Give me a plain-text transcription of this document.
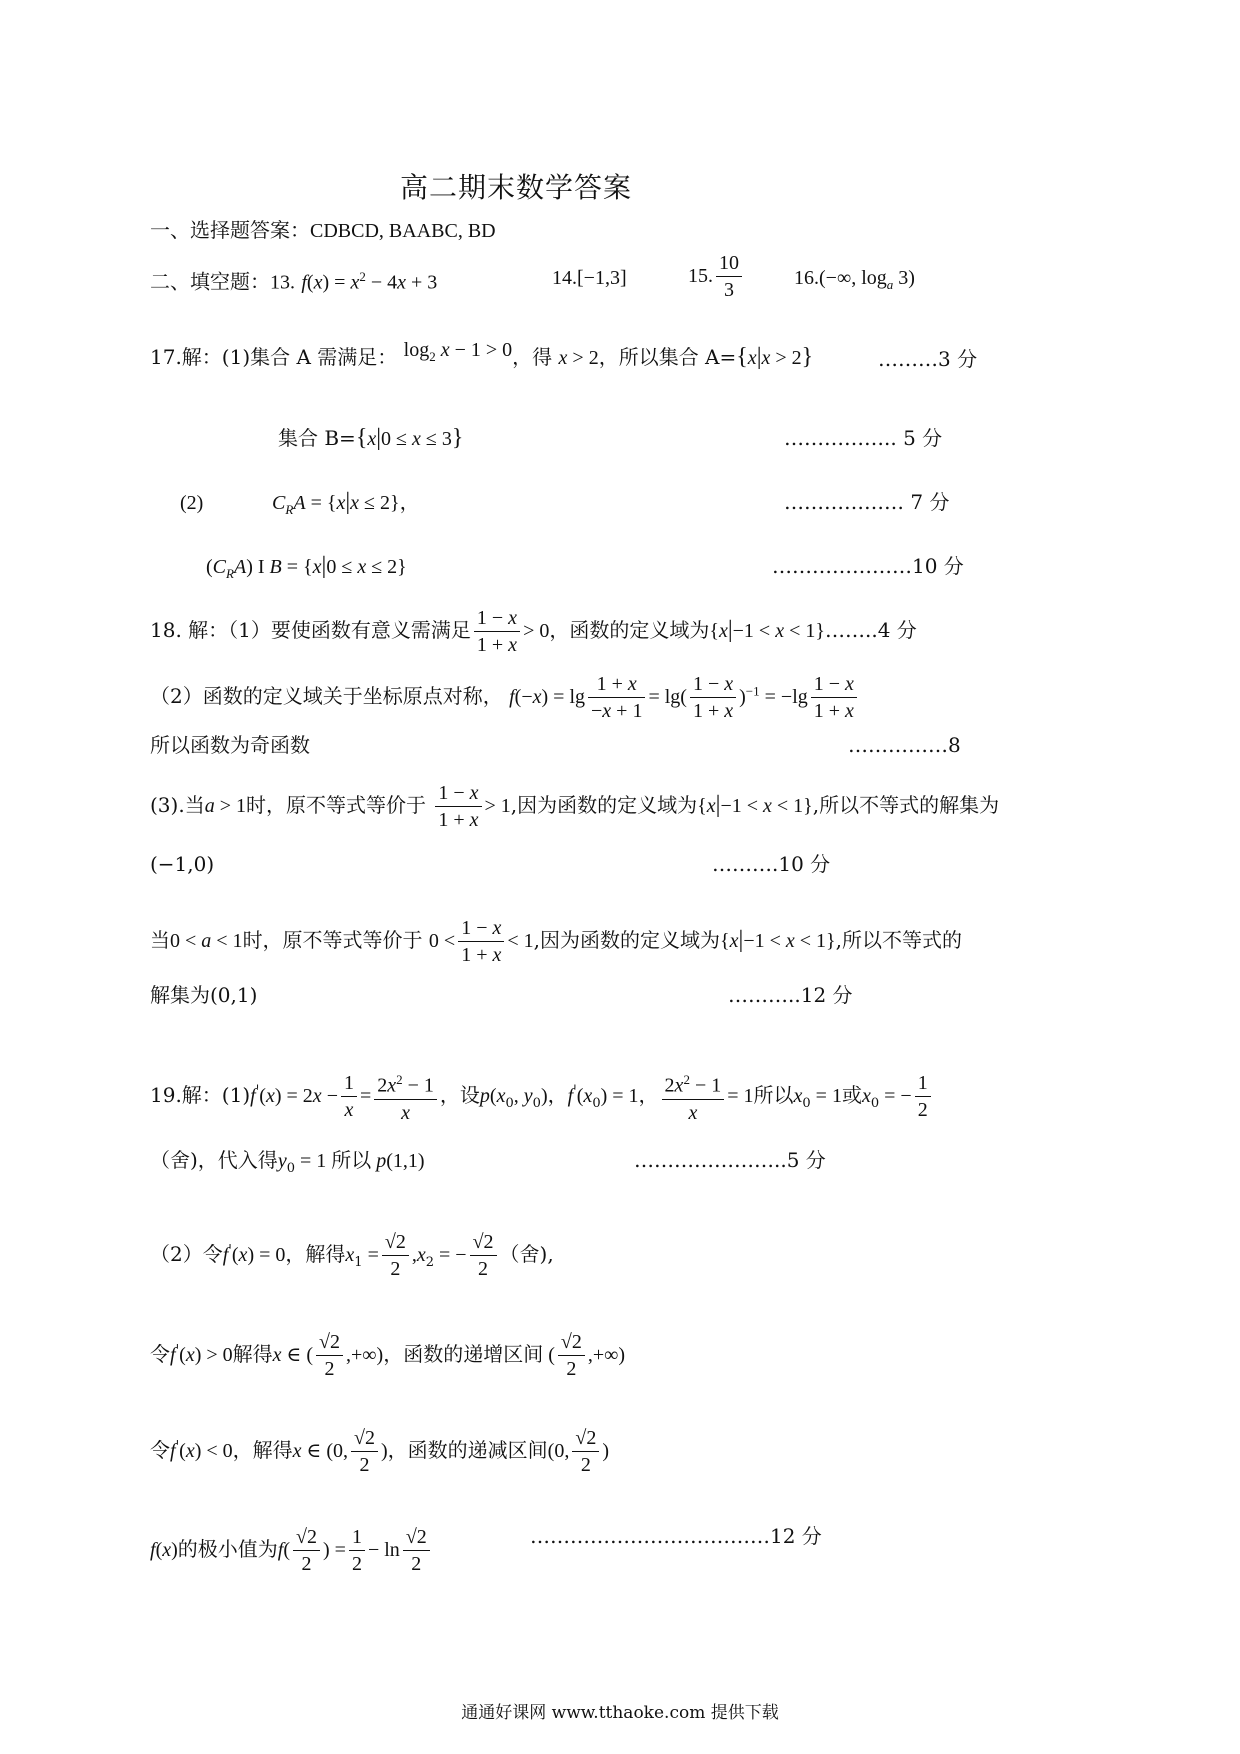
高二期末数学答案
一、选择题答案：CDBCD, BAABC, BD
二、填空题：13. $f(x) = x^2 - 4x + 3$	14.[−1,3]	15. $\frac{10}{3}$	16.(−∞, $\log_a 3$)
17.解：(1)集合 A 需满足： $\log_2 x - 1 > 0$，得 x > 2，所以集合 A={x|x > 2}	………3 分
集合 B={x|0 ≤ x ≤ 3}	…………….. 5 分
(2)	$C_RA = \{x|x \le 2\}$，	……………… 7 分
$(C_RA)$ I B = {x|0 ≤ x ≤ 2}	…………………10 分
18. 解：（1）要使函数有意义需满足 $\frac{1 - x}{1 + x} > 0$，函数的定义域为{x|−1 < x < 1}……..4 分
（2）函数的定义域关于坐标原点对称， $f(-x) = \lg \frac{1 + x}{-x + 1} = \lg( \frac{1 - x}{1 + x} )^{-1} = -\lg \frac{1 - x}{1 + x}$
所以函数为奇函数	……………8
(3).当a > 1时，原不等式等价于 $\frac{1 - x}{1 + x} > 1$,因为函数的定义域为{x|−1 < x < 1},所以不等式的解集为
(−1,0)	……….10 分
当0 < a < 1时，原不等式等价于 $0 < \frac{1 - x}{1 + x} < 1$,因为函数的定义域为{x|−1 < x < 1},所以不等式的
解集为(0,1)	………..12 分
19.解：$(1)f'(x) = 2x - \frac{1}{x} = \frac{2x^2 - 1}{x}$ ，设$p(x_0$, $y_0$)，$f'(x_0) = 1$， $\frac{2x^2 - 1}{x} = 1$所以$x_0 = 1$或$x_0$ = − $\frac{1}{2}$
（舍)，代入得$y_0 = 1$ 所以 p(1,1)	…………………..5 分
（2）令f'(x) = 0，解得$x_1 = \frac{√2}{2} ,x_2$ = − $\frac{√2}{2}$ （舍),
令f'(x) > 0解得x ∈ ( $\frac{√2}{2}$ ,+∞)，函数的递增区间 ( $\frac{√2}{2}$ ,+∞)
令f'(x) < 0，解得x ∈ (0, $\frac{√2}{2}$ )，函数的递减区间(0, $\frac{√2}{2}$ )
f(x)的极小值为$f( \frac{√2}{2}$ ) = $\frac{1}{2} - \ln \frac{√2}{2}$	………………………………12 分
通通好课网 www.tthaoke.com 提供下载
